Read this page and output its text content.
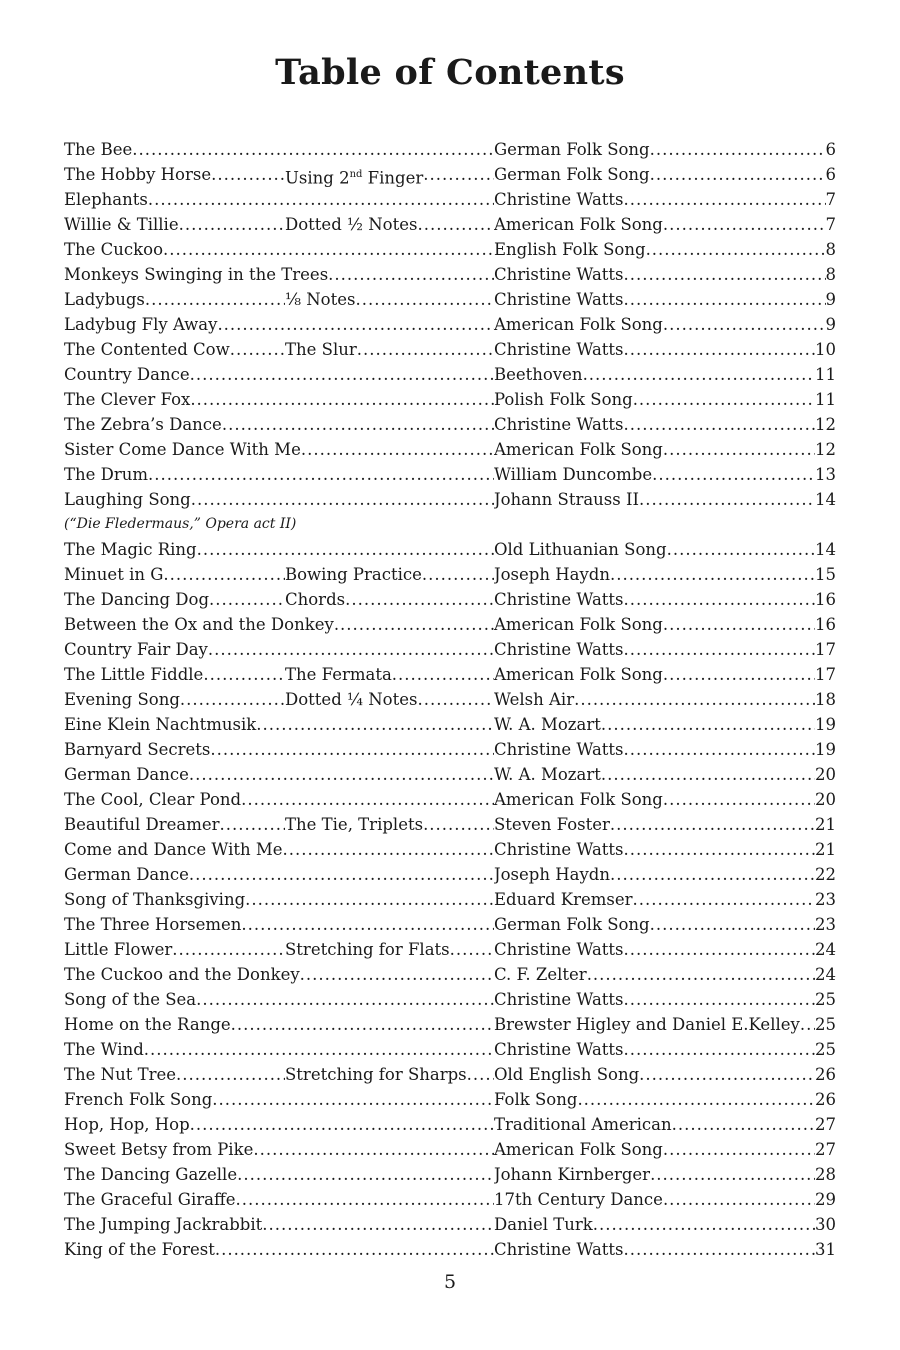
Table of Contents
The Bee .....	German Folk Song .....	6
The Hobby Horse .....	Using 2nd Finger .....	German Folk Song .....	6
Elephants .....	Christine Watts .....	7
Willie & Tillie .....	Dotted ½ Notes .....	American Folk Song .....	7
The Cuckoo .....	English Folk Song .....	8
Monkeys Swinging in the Trees .....	Christine Watts .....	8
Ladybugs .....	⅛ Notes .....	Christine Watts .....	9
Ladybug Fly Away .....	American Folk Song .....	9
The Contented Cow .....	The Slur .....	Christine Watts .....	10
Country Dance .....	Beethoven .....	11
The Clever Fox .....	Polish Folk Song .....	11
The Zebra’s Dance .....	Christine Watts .....	12
Sister Come Dance With Me .....	American Folk Song .....	12
The Drum .....	William Duncombe .....	13
Laughing Song .....	Johann Strauss II .....	14
(“Die Fledermaus,” Opera act II)
The Magic Ring .....	Old Lithuanian Song .....	14
Minuet in G .....	Bowing Practice .....	Joseph Haydn .....	15
The Dancing Dog .....	Chords .....	Christine Watts .....	16
Between the Ox and the Donkey .....	American Folk Song .....	16
Country Fair Day .....	Christine Watts .....	17
The Little Fiddle .....	The Fermata .....	American Folk Song .....	17
Evening Song .....	Dotted ¼ Notes .....	Welsh Air .....	18
Eine Klein Nachtmusik .....	W. A. Mozart .....	19
Barnyard Secrets .....	Christine Watts .....	19
German Dance .....	W. A. Mozart .....	20
The Cool, Clear Pond .....	American Folk Song .....	20
Beautiful Dreamer .....	The Tie, Triplets .....	Steven Foster .....	21
Come and Dance With Me .....	Christine Watts .....	21
German Dance .....	Joseph Haydn .....	22
Song of Thanksgiving .....	Eduard Kremser .....	23
The Three Horsemen .....	German Folk Song .....	23
Little Flower .....	Stretching for Flats .....	Christine Watts .....	24
The Cuckoo and the Donkey .....	C. F. Zelter .....	24
Song of the Sea .....	Christine Watts .....	25
Home on the Range .....	Brewster Higley and Daniel E.Kelley ..... 25
The Wind .....	Christine Watts .....	25
The Nut Tree .....	Stretching for Sharps ..... Old English Song .....	26
French Folk Song .....	Folk Song .....	26
Hop, Hop, Hop .....	Traditional American .....	27
Sweet Betsy from Pike .....	American Folk Song .....	27
The Dancing Gazelle .....	Johann Kirnberger .....	28
The Graceful Giraffe .....	17th Century Dance .....	29
The Jumping Jackrabbit .....	Daniel Turk .....	30
King of the Forest .....	Christine Watts .....	31
5
